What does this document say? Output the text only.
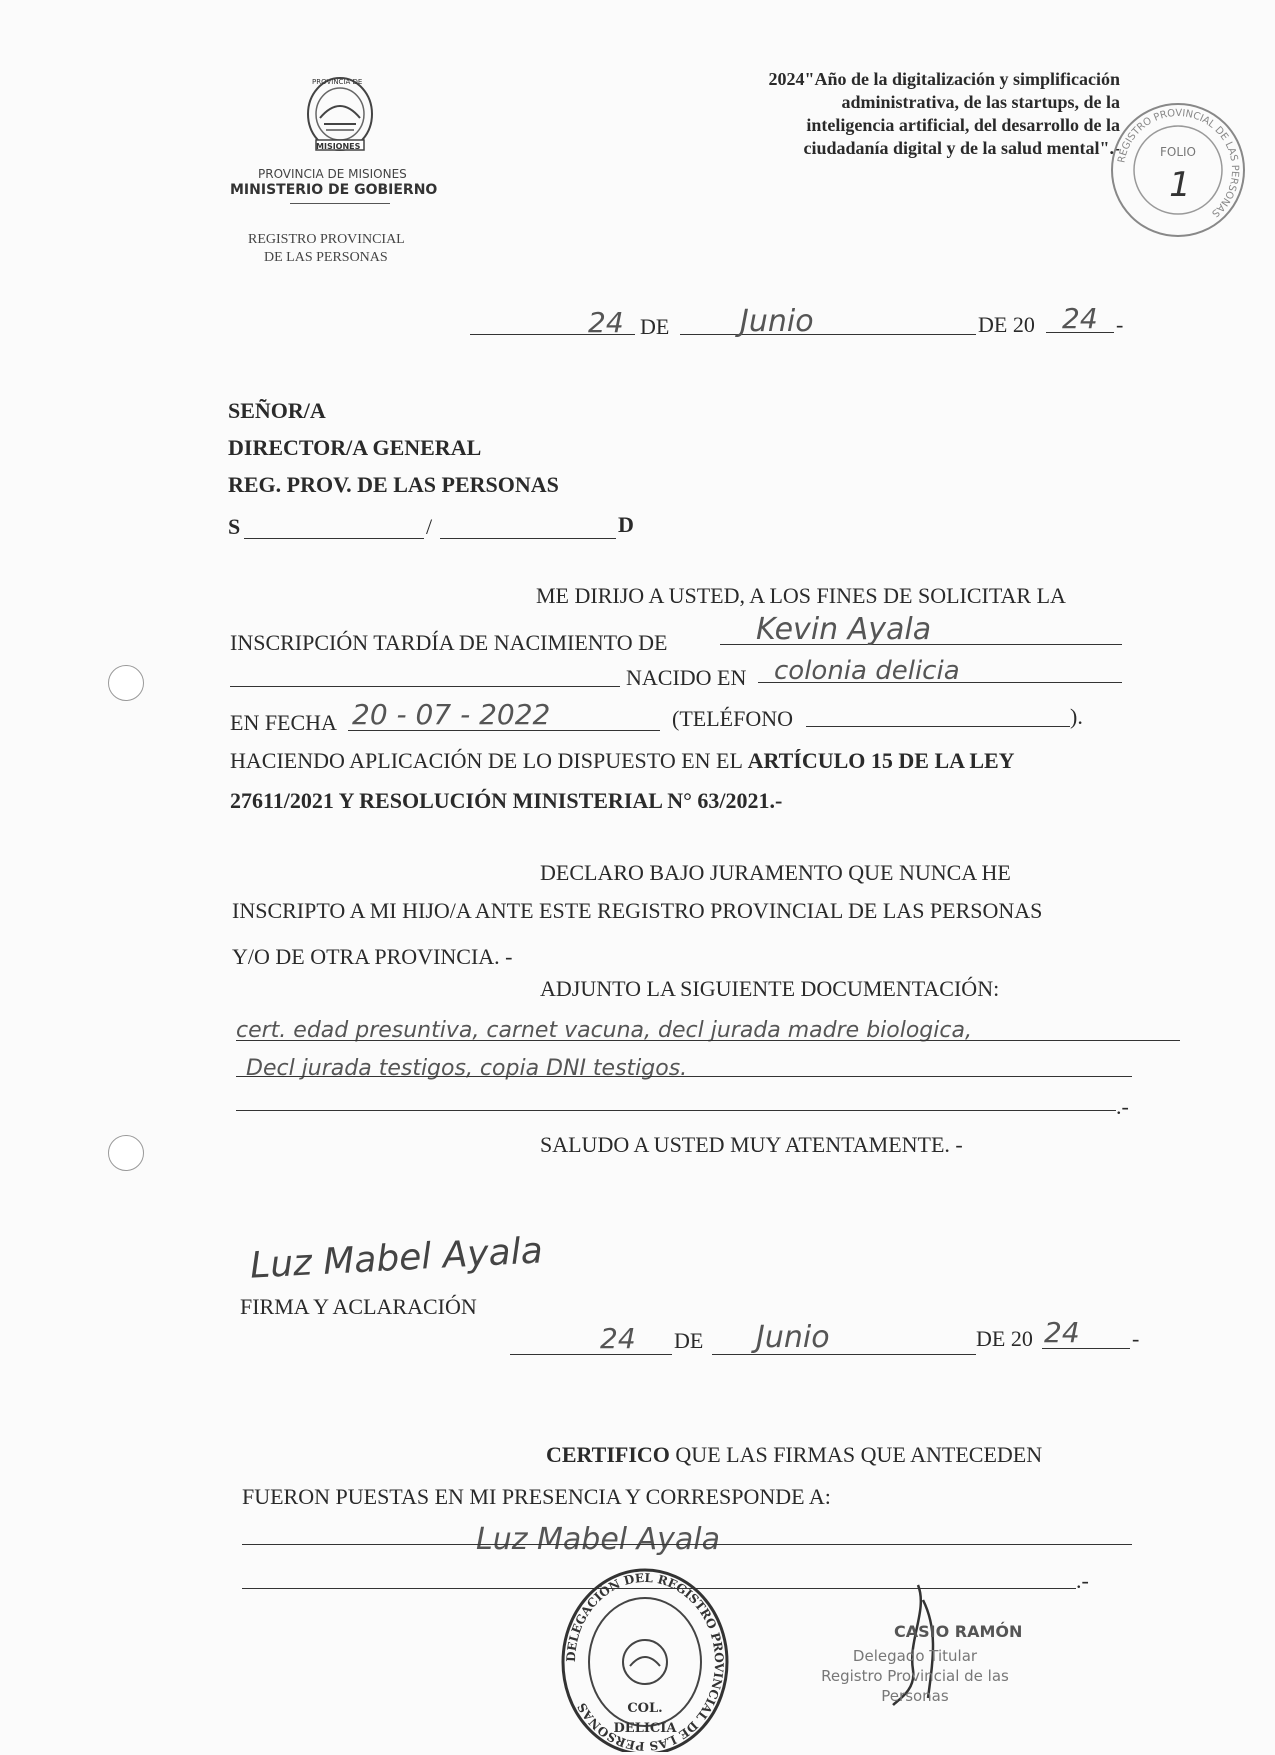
PROVINCIA DE
MISIONES
PROVINCIA DE MISIONES
MINISTERIO DE GOBIERNO
REGISTRO PROVINCIAL
DE LAS PERSONAS
2024"Año de la digitalización y simplificación
administrativa, de las startups, de la
inteligencia artificial, del desarrollo de la
ciudadanía digital y de la salud mental".-
REGISTRO PROVINCIAL DE LAS PERSONAS
FOLIO
1
24 DE Junio	DE 20 24 -
SEÑOR/A
DIRECTOR/A GENERAL
REG. PROV. DE LAS PERSONAS
S	/	D
ME DIRIJO A USTED, A LOS FINES DE SOLICITAR LA
INSCRIPCIÓN TARDÍA DE NACIMIENTO DE	Kevin Ayala
NACIDO EN colonia delicia
EN FECHA 20 - 07 - 2022	(TELÉFONO	).
HACIENDO APLICACIÓN DE LO DISPUESTO EN EL ARTÍCULO 15 DE LA LEY
27611/2021 Y RESOLUCIÓN MINISTERIAL N° 63/2021.-
DECLARO BAJO JURAMENTO QUE NUNCA HE
INSCRIPTO A MI HIJO/A ANTE ESTE REGISTRO PROVINCIAL DE LAS PERSONAS
Y/O DE OTRA PROVINCIA. -
ADJUNTO LA SIGUIENTE DOCUMENTACIÓN:
cert. edad presuntiva, carnet vacuna, decl jurada madre biologica,
Decl jurada testigos, copia DNI testigos.
.-
SALUDO A USTED MUY ATENTAMENTE. -
Luz Mabel Ayala
FIRMA Y ACLARACIÓN
24 DE Junio	DE 20 24 -
CERTIFICO QUE LAS FIRMAS QUE ANTECEDEN
FUERON PUESTAS EN MI PRESENCIA Y CORRESPONDE A:
Luz Mabel Ayala
.-
DELEGACIÓN DEL REGISTRO PROVINCIAL DE LAS PERSONAS	COL.
DELICIA
CASIO RAMÓN
Delegado Titular
Registro Provincial de las
Personas
